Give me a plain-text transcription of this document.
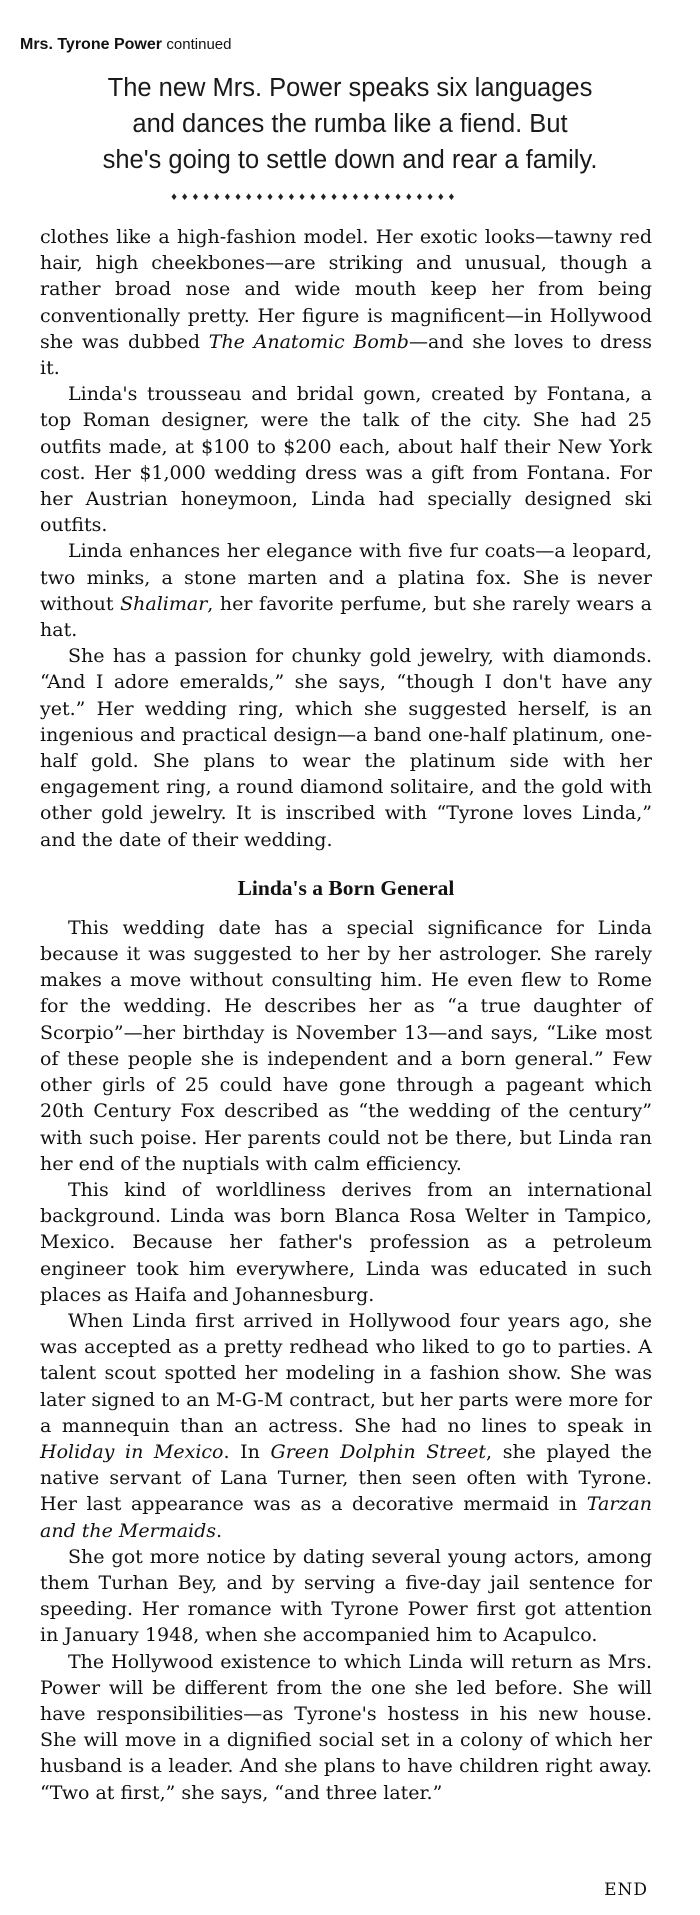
Mrs. Tyrone Power continued
The new Mrs. Power speaks six languages
and dances the rumba like a fiend. But
she's going to settle down and rear a family.
♦♦♦♦♦♦♦♦♦♦♦♦♦♦♦♦♦♦♦♦♦♦♦♦♦♦♦

clothes like a high-fashion model. Her exotic looks—tawny red hair, high cheekbones—are striking and unusual, though a rather broad nose and wide mouth keep her from being conventionally pretty. Her figure is magnificent—in Hollywood she was dubbed The Anatomic Bomb—and she loves to dress it.

Linda's trousseau and bridal gown, created by Fontana, a top Roman designer, were the talk of the city. She had 25 outfits made, at $100 to $200 each, about half their New York cost. Her $1,000 wedding dress was a gift from Fontana. For her Austrian honeymoon, Linda had specially designed ski outfits.

Linda enhances her elegance with five fur coats—a leopard, two minks, a stone marten and a platina fox. She is never without Shalimar, her favorite perfume, but she rarely wears a hat.

She has a passion for chunky gold jewelry, with diamonds. “And I adore emeralds,” she says, “though I don't have any yet.” Her wedding ring, which she suggested herself, is an ingenious and practical design—a band one-half platinum, one-half gold. She plans to wear the platinum side with her engagement ring, a round diamond solitaire, and the gold with other gold jewelry. It is inscribed with “Tyrone loves Linda,” and the date of their wedding.

Linda's a Born General

This wedding date has a special significance for Linda because it was suggested to her by her astrologer. She rarely makes a move without consulting him. He even flew to Rome for the wedding. He describes her as “a true daughter of Scorpio”—her birthday is November 13—and says, “Like most of these people she is independent and a born general.” Few other girls of 25 could have gone through a pageant which 20th Century Fox described as “the wedding of the century” with such poise. Her parents could not be there, but Linda ran her end of the nuptials with calm efficiency.

This kind of worldliness derives from an international background. Linda was born Blanca Rosa Welter in Tampico, Mexico. Because her father's profession as a petroleum engineer took him everywhere, Linda was educated in such places as Haifa and Johannesburg.

When Linda first arrived in Hollywood four years ago, she was accepted as a pretty redhead who liked to go to parties. A talent scout spotted her modeling in a fashion show. She was later signed to an M-G-M contract, but her parts were more for a mannequin than an actress. She had no lines to speak in Holiday in Mexico. In Green Dolphin Street, she played the native servant of Lana Turner, then seen often with Tyrone. Her last appearance was as a decorative mermaid in Tarzan and the Mermaids.

She got more notice by dating several young actors, among them Turhan Bey, and by serving a five-day jail sentence for speeding. Her romance with Tyrone Power first got attention in January 1948, when she accompanied him to Acapulco.

The Hollywood existence to which Linda will return as Mrs. Power will be different from the one she led before. She will have responsibilities—as Tyrone's hostess in his new house. She will move in a dignified social set in a colony of which her husband is a leader. And she plans to have children right away. “Two at first,” she says, “and three later.”

END
